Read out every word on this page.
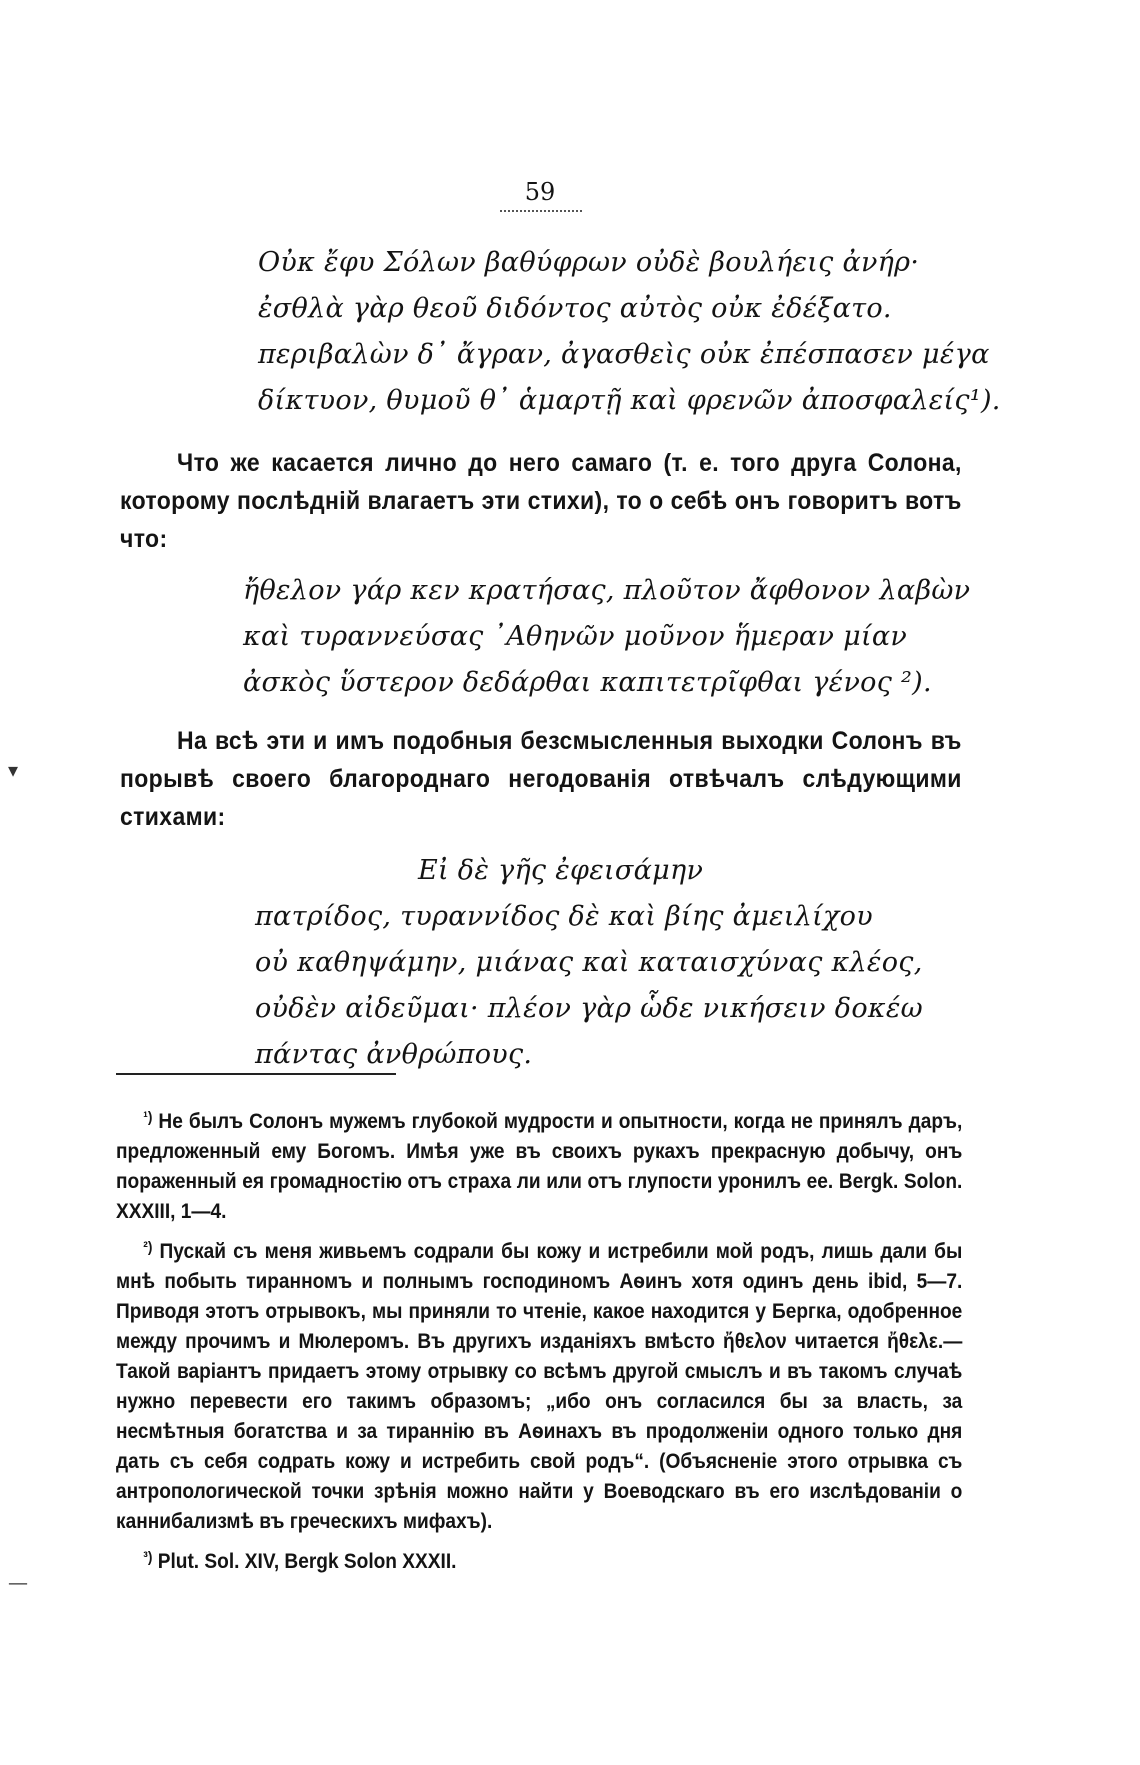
59
Οὐκ ἔφυ Σόλων βαθύφρων οὐδὲ βουλήεις ἀνήρ·
ἐσθλὰ γὰρ θεοῦ διδόντος αὐτὸς οὐκ ἐδέξατο.
περιβαλὼν δ᾽ ἄγραν, ἀγασθεὶς οὐκ ἐπέσπασεν μέγα
δίκτυον, θυμοῦ θ᾽ ἁμαρτῇ καὶ φρενῶν ἀποσφαλείς¹).
Что же касается лично до него самаго (т. е. того друга Солона, которому послѣднiй влагаетъ эти стихи), то о себѣ онъ говоритъ вотъ что:
ἤθελον γάρ κεν κρατήσας, πλοῦτον ἄφθονον λαβὼν
καὶ τυραννεύσας ᾿Αθηνῶν μοῦνον ἥμεραν μίαν
ἀσκὸς ὕστερον δεδάρθαι καπιτετρῖφθαι γένος ²).
На всѣ эти и имъ подобныя безсмысленныя выходки Солонъ въ порывѣ своего благороднаго негодованiя отвѣчалъ слѣдующими стихами:
Εἰ δὲ γῆς ἐφεισάμην
πατρίδος, τυραννίδος δὲ καὶ βίης ἀμειλίχου
οὐ καθηψάμην, μιάνας καὶ καταισχύνας κλέος,
οὐδὲν αἰδεῦμαι· πλέον γὰρ ὧδε νικήσειν δοκέω
πάντας ἀνθρώπους.

$^{^1)}$ Не былъ Солонъ мужемъ глубокой мудрости и опытности, когда не принялъ даръ, предложенный ему Богомъ. Имѣя уже въ своихъ рукахъ прекрасную добычу, онъ пораженный ея громадностiю отъ страха ли или отъ глупости уронилъ ее. Bergk. Solon. XXXIII, 1—4.

$^{^2)}$ Пускай съ меня живьемъ содрали бы кожу и истребили мой родъ, лишь дали бы мнѣ побыть тиранномъ и полнымъ господиномъ Аѳинъ хотя одинъ день ibid, 5—7. Приводя этотъ отрывокъ, мы приняли то чтенiе, какое находится у Бергка, одобренное между прочимъ и Мюлеромъ. Въ другихъ изданiяхъ вмѣсто ἤθελον читается ἤθελε.—Такой варiантъ придаетъ этому отрывку со всѣмъ другой смыслъ и въ такомъ случаѣ нужно перевести его такимъ образомъ; „ибо онъ согласился бы за власть, за несмѣтныя богатства и за тираннiю въ Аѳинахъ въ продолженiи одного только дня дать съ себя содрать кожу и истребить свой родъ“. (Объясненiе этого отрывка съ антропологической точки зрѣнiя можно найти у Воеводскаго въ его изслѣдованiи о каннибализмѣ въ греческихъ мифахъ).

$^{^3)}$ Plut. Sol. XIV, Bergk Solon XXXII.

▾
—
